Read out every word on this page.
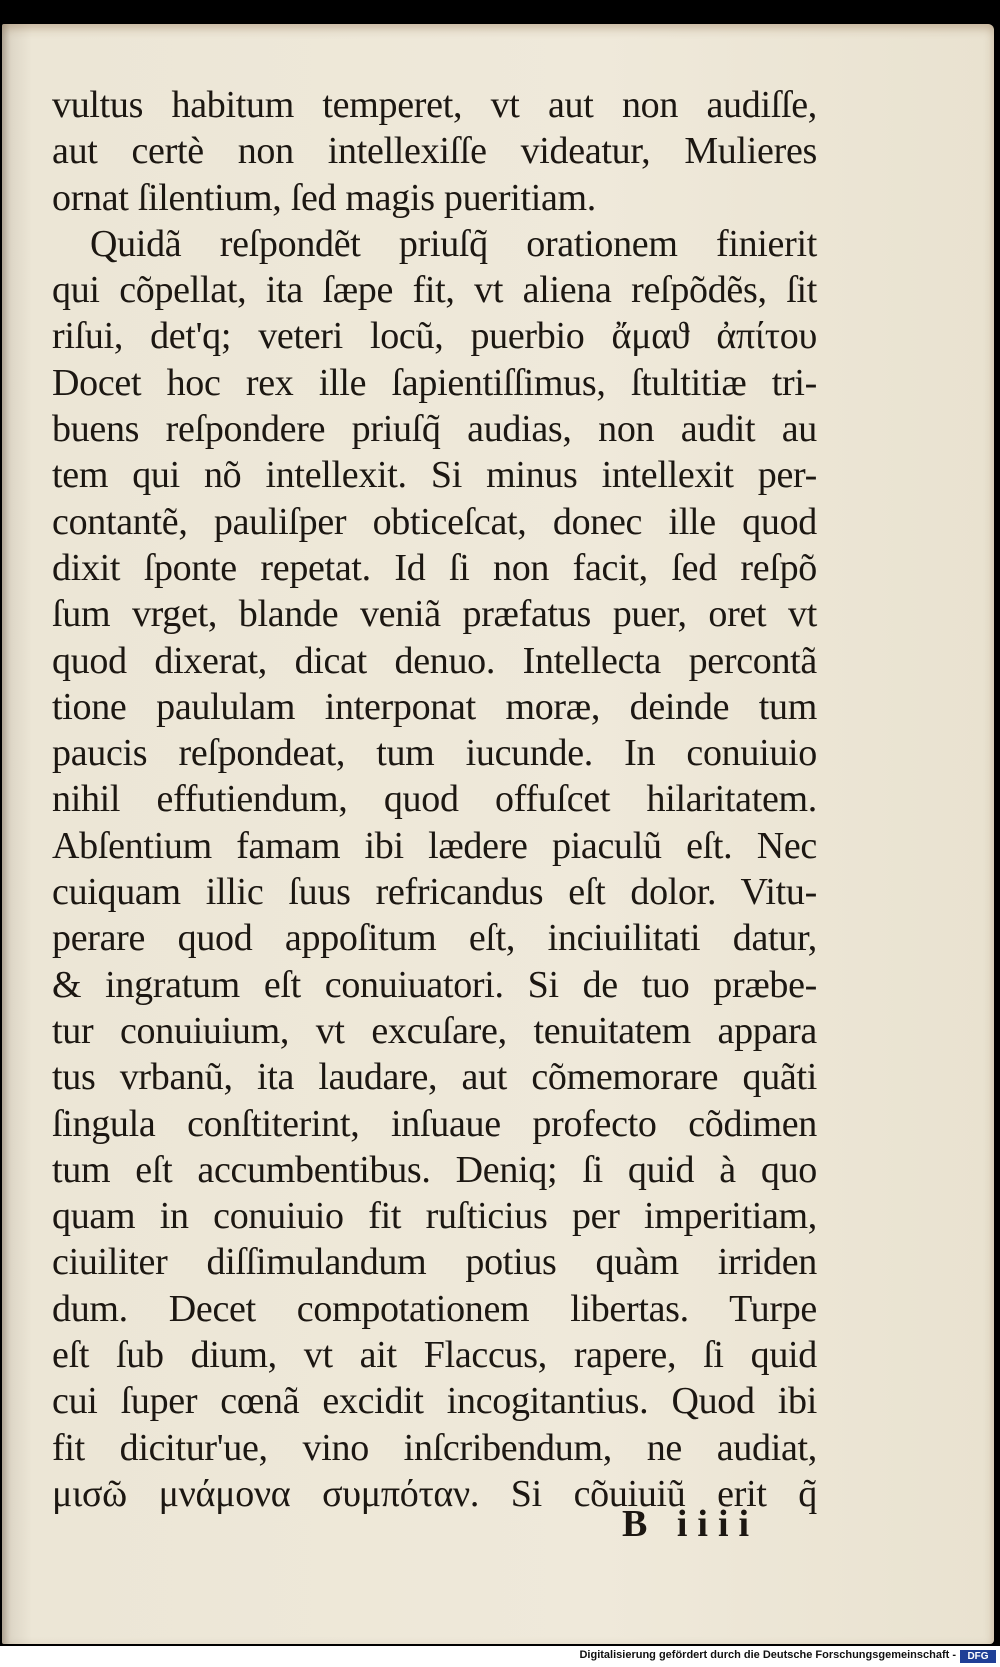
vultus habitum temperet, vt aut non audiſſe,
aut certè non intellexiſſe videatur, Mulieres
ornat ſilentium, ſed magis pueritiam.
Quidã reſpondẽt priuſq̃ orationem finierit
qui cõpellat, ita ſæpe fit, vt aliena reſpõdẽs, ſit
riſui, det'q; veteri locũ, puerbio ἄμαϑ ἀπίτου
Docet hoc rex ille ſapientiſſimus, ſtultitiæ tri-
buens reſpondere priuſq̃ audias, non audit au
tem qui nõ intellexit. Si minus intellexit per-
contantẽ, pauliſper obticeſcat, donec ille quod
dixit ſponte repetat. Id ſi non facit, ſed reſpõ
ſum vrget, blande veniã præfatus puer, oret vt
quod dixerat, dicat denuo. Intellecta percontã
tione paululam interponat moræ, deinde tum
paucis reſpondeat, tum iucunde. In conuiuio
nihil effutiendum, quod offuſcet hilaritatem.
Abſentium famam ibi lædere piaculũ eſt. Nec
cuiquam illic ſuus refricandus eſt dolor. Vitu-
perare quod appoſitum eſt, inciuilitati datur,
& ingratum eſt conuiuatori. Si de tuo præbe-
tur conuiuium, vt excuſare, tenuitatem appara
tus vrbanũ, ita laudare, aut cõmemorare quãti
ſingula conſtiterint, inſuaue profecto cõdimen
tum eſt accumbentibus. Deniq; ſi quid à quo
quam in conuiuio fit ruſticius per imperitiam,
ciuiliter diſſimulandum potius quàm irriden
dum. Decet compotationem libertas. Turpe
eſt ſub dium, vt ait Flaccus, rapere, ſi quid
cui ſuper cœnã excidit incogitantius. Quod ibi
fit dicitur'ue, vino inſcribendum, ne audiat,
μισῶ μνάμονα συμπόταν. Si cõuiuiũ erit q̃
B iiii
Digitalisierung gefördert durch die Deutsche Forschungsgemeinschaft -	DFG
